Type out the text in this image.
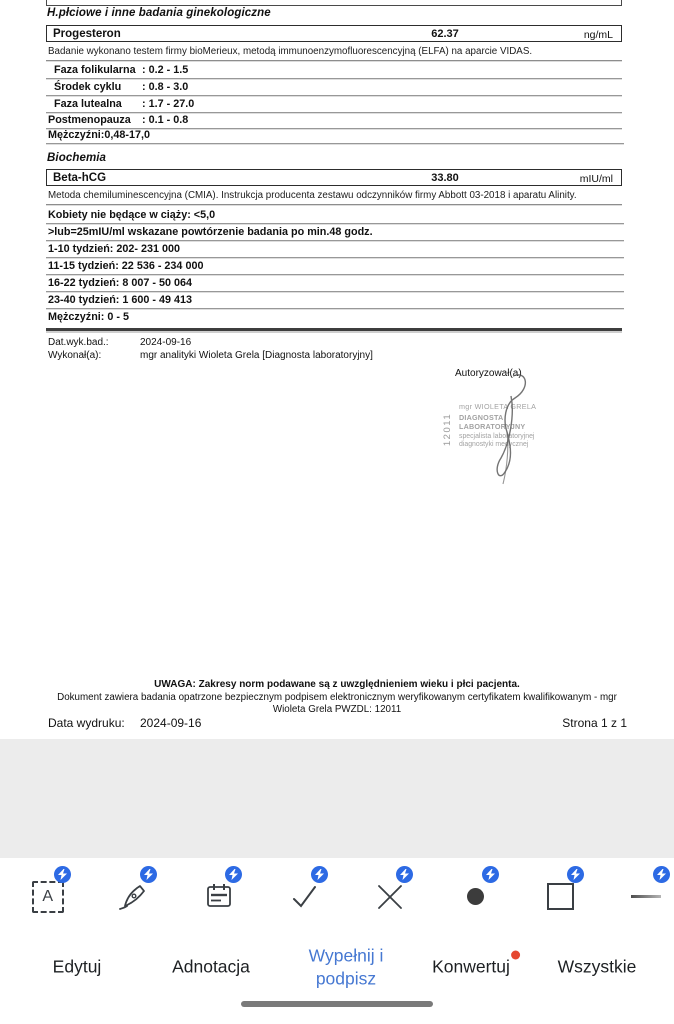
H.płciowe i inne badania ginekologiczne
Progesteron	62.37	ng/mL
Badanie wykonano testem firmy bioMerieux, metodą immunoenzymofluorescencyjną (ELFA) na aparcie VIDAS.
Faza folikularna : 0.2 - 1.5
Środek cyklu	: 0.8 - 3.0
Faza lutealna	: 1.7 - 27.0
Postmenopauza	: 0.1 - 0.8
Mężczyźni:0,48-17,0
Biochemia
Beta-hCG	33.80	mIU/ml
Metoda chemiluminescencyjna (CMIA). Instrukcja producenta zestawu odczynników firmy Abbott 03-2018 i aparatu Alinity.
Kobiety nie będące w ciąży: <5,0
>lub=25mIU/ml wskazane powtórzenie badania po min.48 godz.
1-10 tydzień: 202- 231 000
11-15 tydzień: 22 536 - 234 000
16-22 tydzień: 8 007 - 50 064
23-40 tydzień: 1 600 - 49 413
Mężczyźni: 0 - 5
Dat.wyk.bad.:	2024-09-16
Wykonał(a):	mgr analityki Wioleta Grela [Diagnosta laboratoryjny]
Autoryzował(a)
12011
mgr WIOLETA GRELA
DIAGNOSTA LABORATORYJNY
specjalista laboratoryjnej
diagnostyki medycznej
UWAGA: Zakresy norm podawane są z uwzględnieniem wieku i płci pacjenta.
Dokument zawiera badania opatrzone bezpiecznym podpisem elektronicznym weryfikowanym certyfikatem kwalifikowanym - mgr Wioleta Grela PWZDL: 12011
Data wydruku: 2024-09-16	Strona 1 z 1
A
Edytuj	Adnotacja
Wypełnij i podpisz
Konwertuj	Wszystkie
